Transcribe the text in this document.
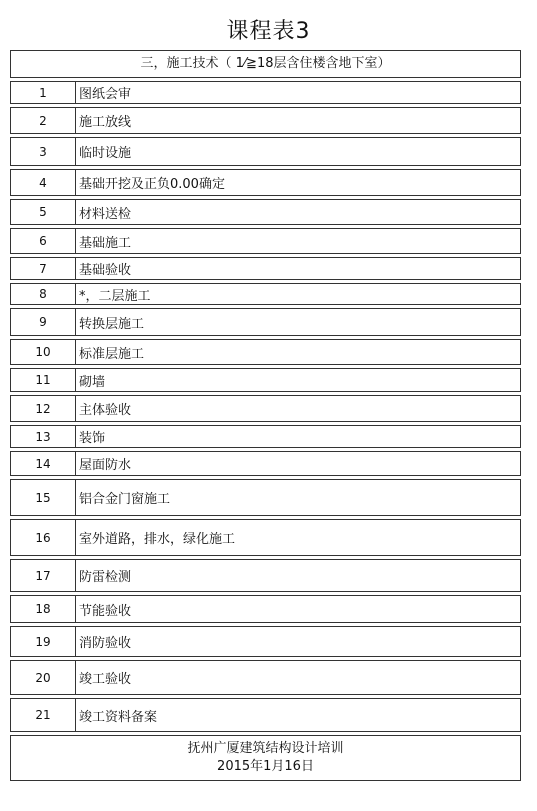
课程表3
三，施工技术（ 1⁄≧18层含住楼含地下室）
1	图纸会审
2	施工放线
3	临时设施
4	基础开挖及正负0.00确定
5	材料送检
6	基础施工
7	基础验收
8	*，二层施工
9	转换层施工
10	标准层施工
11	砌墙
12	主体验收
13	装饰
14	屋面防水
15	铝合金门窗施工
16	室外道路，排水，绿化施工
17	防雷检测
18	节能验收
19	消防验收
20	竣工验收
21	竣工资料备案
抚州广厦建筑结构设计培训
2015年1月16日
